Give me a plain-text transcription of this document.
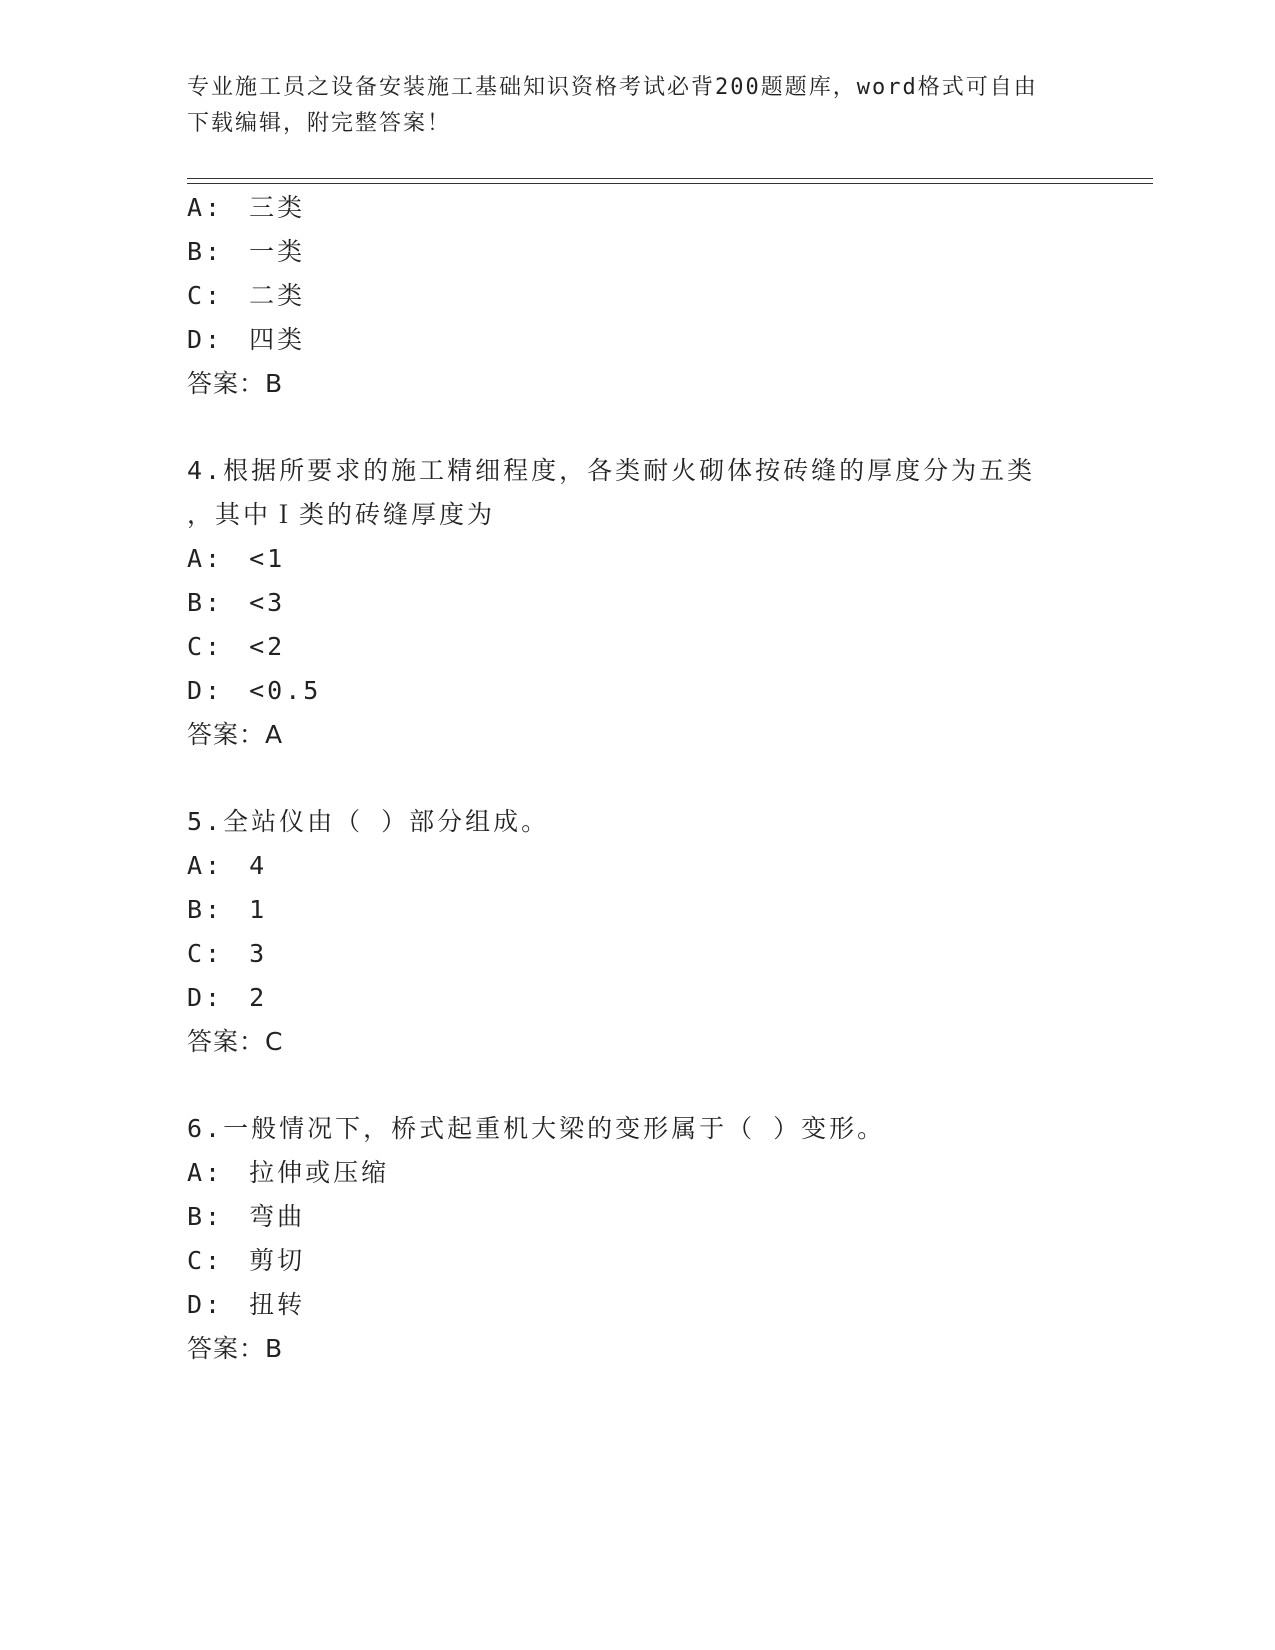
专业施工员之设备安装施工基础知识资格考试必背200题题库，word格式可自由
下载编辑，附完整答案！
A: 三类
B: 一类
C: 二类
D: 四类
答案：B
4.根据所要求的施工精细程度，各类耐火砌体按砖缝的厚度分为五类
，其中Ｉ类的砖缝厚度为
A: <1
B: <3
C: <2
D: <0.5
答案：A
5.全站仪由（ ）部分组成。
A: 4
B: 1
C: 3
D: 2
答案：C
6.一般情况下，桥式起重机大梁的变形属于（ ）变形。
A: 拉伸或压缩
B: 弯曲
C: 剪切
D: 扭转
答案：B
